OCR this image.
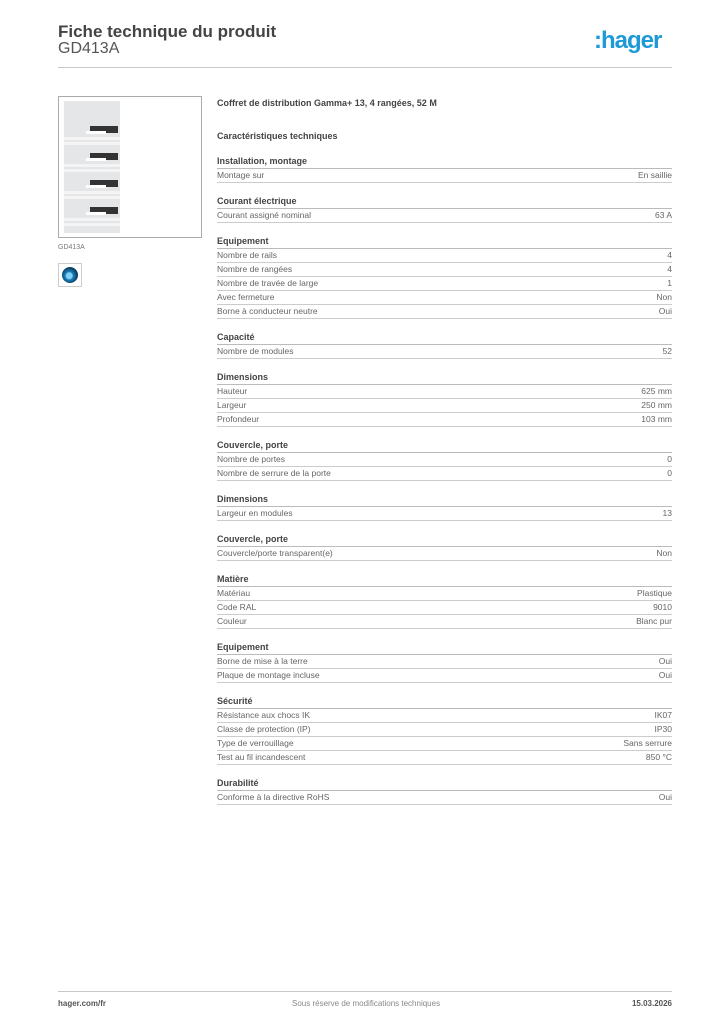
Fiche technique du produit
GD413A	:hager
GD413A
Coffret de distribution Gamma+ 13, 4 rangées, 52 M
Caractéristiques techniques
Installation, montage
Montage sur	En saillie
Courant électrique
Courant assigné nominal	63 A
Equipement
Nombre de rails	4
Nombre de rangées	4
Nombre de travée de large	1
Avec fermeture	Non
Borne à conducteur neutre	Oui
Capacité
Nombre de modules	52
Dimensions
Hauteur	625 mm
Largeur	250 mm
Profondeur	103 mm
Couvercle, porte
Nombre de portes	0
Nombre de serrure de la porte	0
Dimensions
Largeur en modules	13
Couvercle, porte
Couvercle/porte transparent(e)	Non
Matière
Matériau	Plastique
Code RAL	9010
Couleur	Blanc pur
Equipement
Borne de mise à la terre	Oui
Plaque de montage incluse	Oui
Sécurité
Résistance aux chocs IK	IK07
Classe de protection (IP)	IP30
Type de verrouillage	Sans serrure
Test au fil incandescent	850 °C
Durabilité
Conforme à la directive RoHS	Oui
hager.com/fr	Sous réserve de modifications techniques	15.03.2026
